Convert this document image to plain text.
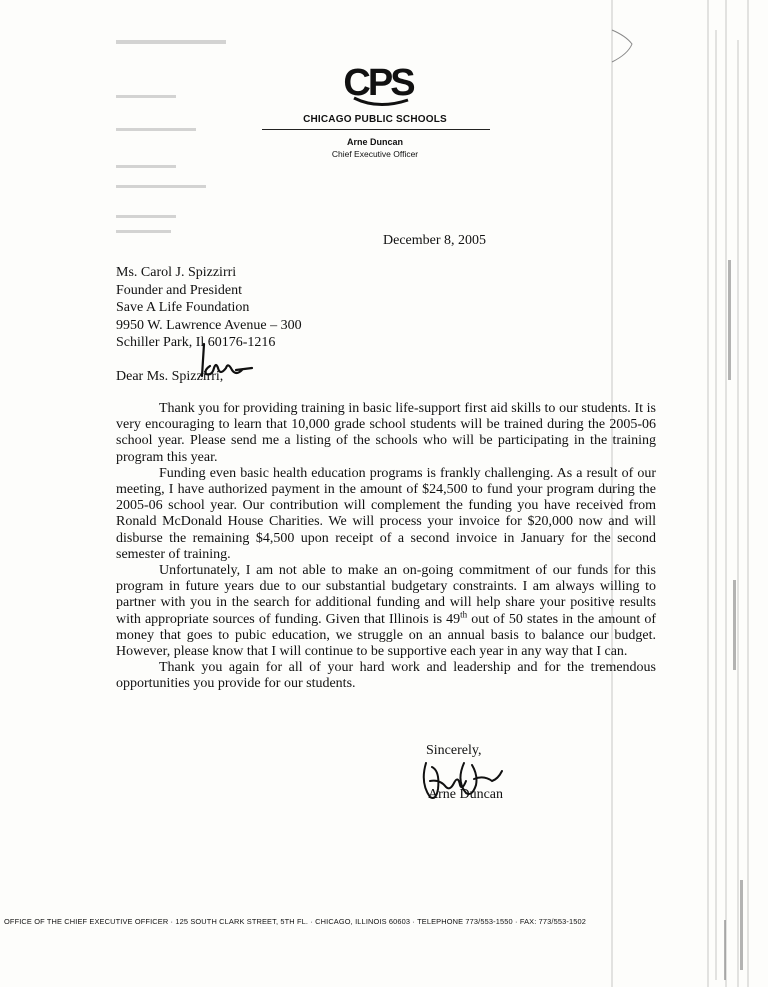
CPS
CHICAGO PUBLIC SCHOOLS
Arne Duncan
Chief Executive Officer
December 8, 2005
Ms. Carol J. Spizzirri
Founder and President
Save A Life Foundation
9950 W. Lawrence Avenue – 300
Schiller Park, Il 60176-1216
Dear Ms. Spizzirri,

Thank you for providing training in basic life-support first aid skills to our students. It is very encouraging to learn that 10,000 grade school students will be trained during the 2005-06 school year. Please send me a listing of the schools who will be participating in the training program this year.

Funding even basic health education programs is frankly challenging. As a result of our meeting, I have authorized payment in the amount of $24,500 to fund your program during the 2005-06 school year. Our contribution will complement the funding you have received from Ronald McDonald House Charities. We will process your invoice for $20,000 now and will disburse the remaining $4,500 upon receipt of a second invoice in January for the second semester of training.

Unfortunately, I am not able to make an on-going commitment of our funds for this program in future years due to our substantial budgetary constraints. I am always willing to partner with you in the search for additional funding and will help share your positive results with appropriate sources of funding. Given that Illinois is 49th out of 50 states in the amount of money that goes to pubic education, we struggle on an annual basis to balance our budget. However, please know that I will continue to be supportive each year in any way that I can.

Thank you again for all of your hard work and leadership and for the tremendous opportunities you provide for our students.

Sincerely,
Arne Duncan
OFFICE OF THE CHIEF EXECUTIVE OFFICER · 125 SOUTH CLARK STREET, 5TH FL. · CHICAGO, ILLINOIS 60603 · TELEPHONE 773/553-1550 · FAX: 773/553-1502
